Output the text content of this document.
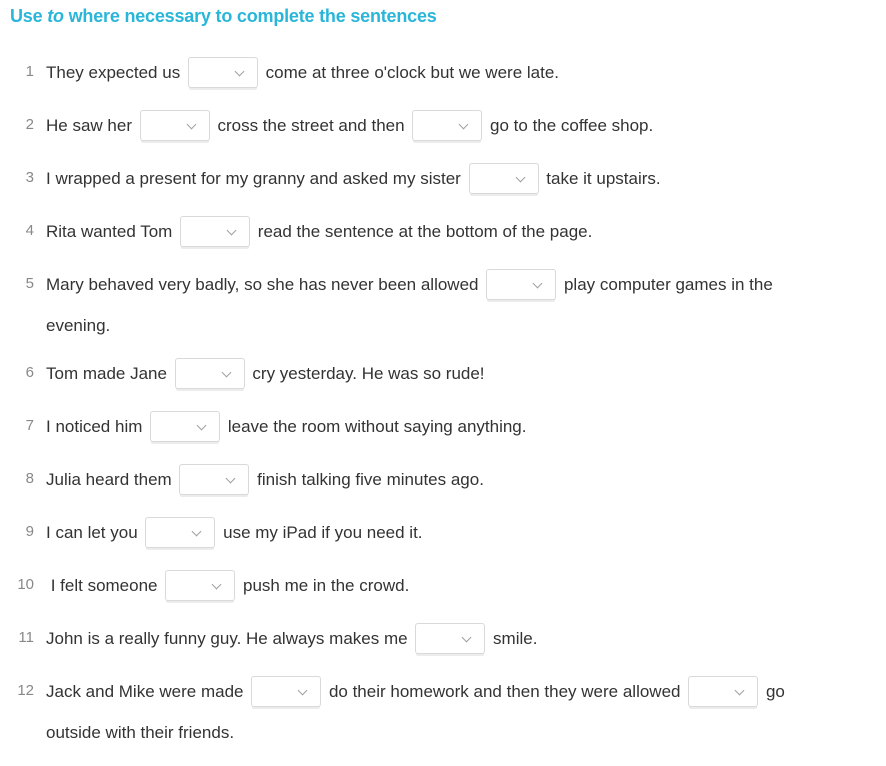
Use to where necessary to complete the sentences
1 They expected us	come at three o'clock but we were late.
2 He saw her	cross the street and then	go to the coffee shop.
3 I wrapped a present for my granny and asked my sister	take it upstairs.
4 Rita wanted Tom	read the sentence at the bottom of the page.
5 Mary behaved very badly, so she has never been allowed	play computer games in the
evening.
6 Tom made Jane	cry yesterday. He was so rude!
7 I noticed him	leave the room without saying anything.
8 Julia heard them	finish talking five minutes ago.
9 I can let you	use my iPad if you need it.
10 I felt someone	push me in the crowd.
11 John is a really funny guy. He always makes me	smile.
12 Jack and Mike were made	do their homework and then they were allowed	go
outside with their friends.
